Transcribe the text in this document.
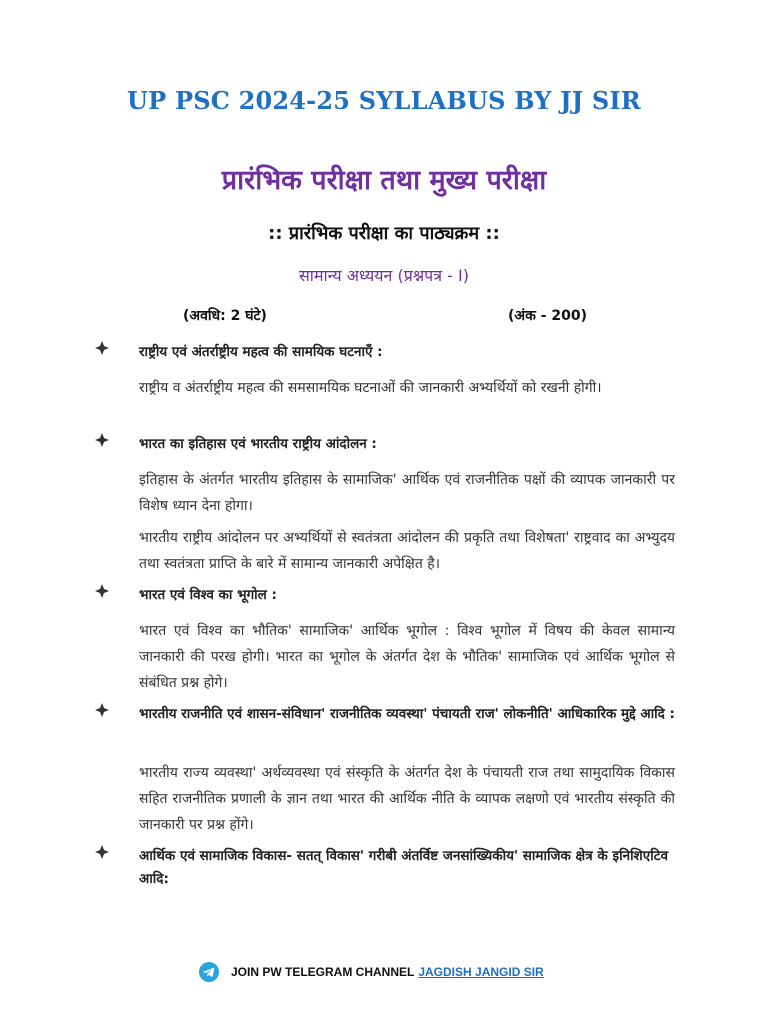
UP PSC 2024-25 SYLLABUS BY JJ SIR
प्रारंभिक परीक्षा तथा मुख्य परीक्षा
:: प्रारंभिक परीक्षा का पाठ्यक्रम ::
सामान्य अध्ययन (प्रश्नपत्र - I)
(अवधि: 2 घंटे)	(अंक - 200)
राष्ट्रीय एवं अंतर्राष्ट्रीय महत्व की सामयिक घटनाएँ :
राष्ट्रीय व अंतर्राष्ट्रीय महत्व की समसामयिक घटनाओं की जानकारी अभ्यर्थियों को रखनी होगी।
भारत का इतिहास एवं भारतीय राष्ट्रीय आंदोलन :
इतिहास के अंतर्गत भारतीय इतिहास के सामाजिक' आर्थिक एवं राजनीतिक पक्षों की व्यापक जानकारी पर विशेष ध्यान देना होगा।
भारतीय राष्ट्रीय आंदोलन पर अभ्यर्थियों से स्वतंत्रता आंदोलन की प्रकृति तथा विशेषता' राष्ट्रवाद का अभ्युदय तथा स्वतंत्रता प्राप्ति के बारे में सामान्य जानकारी अपेक्षित है।
भारत एवं विश्व का भूगोल :
भारत एवं विश्व का भौतिक' सामाजिक' आर्थिक भूगोल : विश्व भूगोल में विषय की केवल सामान्य जानकारी की परख होगी। भारत का भूगोल के अंतर्गत देश के भौतिक' सामाजिक एवं आर्थिक भूगोल से संबंधित प्रश्न होगे।
भारतीय राजनीति एवं शासन-संविधान' राजनीतिक व्यवस्था' पंचायती राज' लोकनीति' आधिकारिक मुद्दे आदि :
भारतीय राज्य व्यवस्था' अर्थव्यवस्था एवं संस्कृति के अंतर्गत देश के पंचायती राज तथा सामुदायिक विकास सहित राजनीतिक प्रणाली के ज्ञान तथा भारत की आर्थिक नीति के व्यापक लक्षणो एवं भारतीय संस्कृति की जानकारी पर प्रश्न होंगे।
आर्थिक एवं सामाजिक विकास- सतत् विकास' गरीबी अंतर्विष्ट जनसांख्यिकीय' सामाजिक क्षेत्र के इनिशिएटिव आदि:
JOIN PW TELEGRAM CHANNEL JAGDISH JANGID SIR
